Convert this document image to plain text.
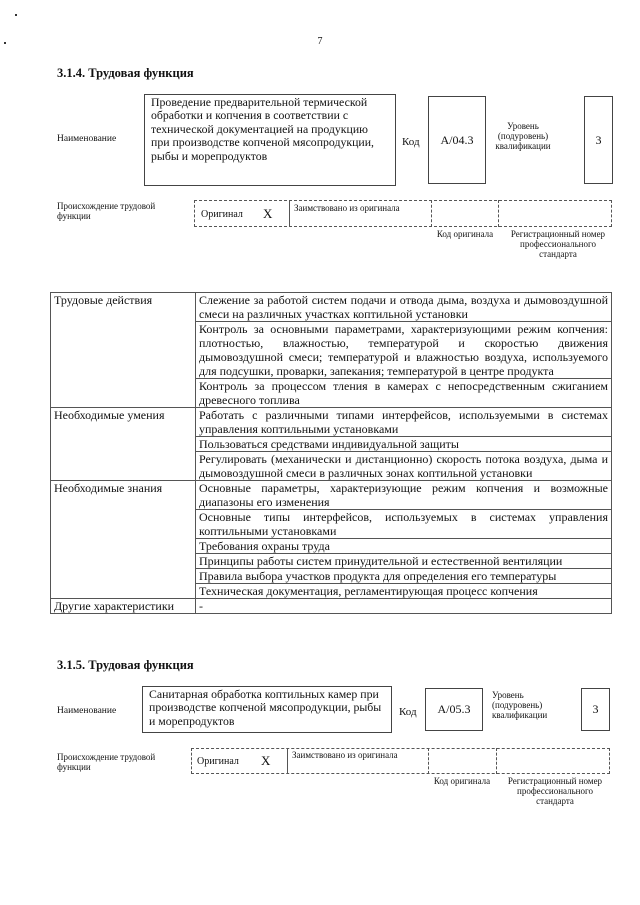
7
3.1.4. Трудовая функция
Наименование
Проведение предварительной термической обработки и копчения в соответствии с технической документацией на продукцию при производстве копченой мясопродукции, рыбы и морепродуктов
Код	A/04.3
Уровень (подуровень) квалификации	3
Происхождение трудовой функции	Оригинал X Заимствовано из оригинала
Код оригинала	Регистрационный номер профессионального стандарта
Трудовые действия	Слежение за работой систем подачи и отвода дыма, воздуха и дымовоздушной смеси на различных участках коптильной установки
	Контроль за основными параметрами, характеризующими режим копчения: плотностью, влажностью, температурой и скоростью движения дымовоздушной смеси; температурой и влажностью воздуха, используемого для подсушки, проварки, запекания; температурой в центре продукта
	Контроль за процессом тления в камерах с непосредственным сжиганием древесного топлива
Необходимые умения	Работать с различными типами интерфейсов, используемыми в системах управления коптильными установками
	Пользоваться средствами индивидуальной защиты
	Регулировать (механически и дистанционно) скорость потока воздуха, дыма и дымовоздушной смеси в различных зонах коптильной установки
Необходимые знания	Основные параметры, характеризующие режим копчения и возможные диапазоны его изменения
	Основные типы интерфейсов, используемых в системах управления коптильными установками
	Требования охраны труда
	Принципы работы систем принудительной и естественной вентиляции
	Правила выбора участков продукта для определения его температуры
	Техническая документация, регламентирующая процесс копчения
Другие характеристики	-
3.1.5. Трудовая функция
Наименование
Санитарная обработка коптильных камер при производстве копченой мясопродукции, рыбы и морепродуктов
Код	A/05.3
Уровень (подуровень) квалификации	3
Происхождение трудовой функции	Оригинал X Заимствовано из оригинала
Код оригинала	Регистрационный номер профессионального стандарта
